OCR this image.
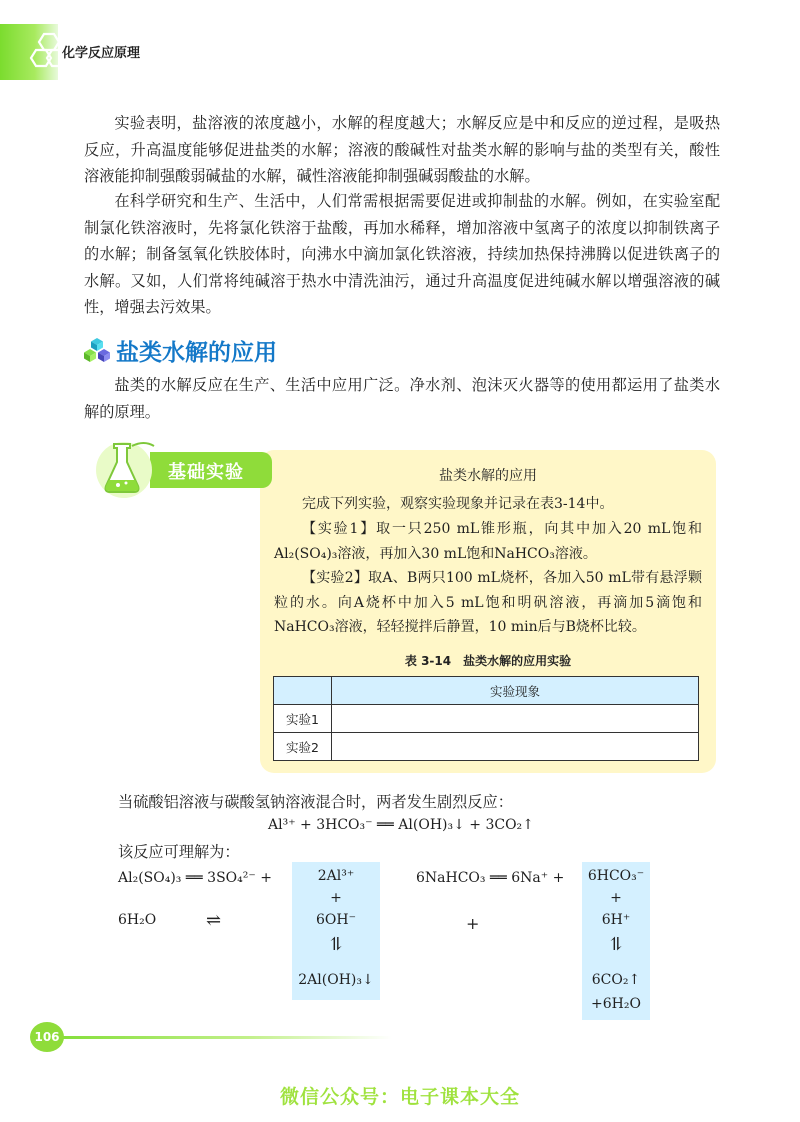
化学反应原理

实验表明，盐溶液的浓度越小，水解的程度越大；水解反应是中和反应的逆过程，是吸热反应，升高温度能够促进盐类的水解；溶液的酸碱性对盐类水解的影响与盐的类型有关，酸性溶液能抑制强酸弱碱盐的水解，碱性溶液能抑制强碱弱酸盐的水解。

在科学研究和生产、生活中，人们常需根据需要促进或抑制盐的水解。例如，在实验室配制氯化铁溶液时，先将氯化铁溶于盐酸，再加水稀释，增加溶液中氢离子的浓度以抑制铁离子的水解；制备氢氧化铁胶体时，向沸水中滴加氯化铁溶液，持续加热保持沸腾以促进铁离子的水解。又如，人们常将纯碱溶于热水中清洗油污，通过升高温度促进纯碱水解以增强溶液的碱性，增强去污效果。

盐类水解的应用

盐类的水解反应在生产、生活中应用广泛。净水剂、泡沫灭火器等的使用都运用了盐类水解的原理。

基础实验	盐类水解的应用

完成下列实验，观察实验现象并记录在表3-14中。

【实验1】取一只250 mL锥形瓶，向其中加入20 mL饱和Al₂(SO₄)₃溶液，再加入30 mL饱和NaHCO₃溶液。

【实验2】取A、B两只100 mL烧杯，各加入50 mL带有悬浮颗粒的水。向A烧杯中加入5 mL饱和明矾溶液，再滴加5滴饱和NaHCO₃溶液，轻轻搅拌后静置，10 min后与B烧杯比较。

表 3-14　盐类水解的应用实验
	实验现象
实验1	
实验2	
当硫酸铝溶液与碳酸氢钠溶液混合时，两者发生剧烈反应：
Al³⁺ + 3HCO₃⁻ ══ Al(OH)₃↓ + 3CO₂↑
该反应可理解为：
Al₂(SO₄)₃ ══ 3SO₄²⁻ +
6H₂O	⇌
2Al³⁺
+
6OH⁻
⥮
2Al(OH)₃↓
6NaHCO₃ ══ 6Na⁺ +
+
6HCO₃⁻
+
6H⁺
⥮
6CO₂↑
+6H₂O
106
微信公众号：电子课本大全
